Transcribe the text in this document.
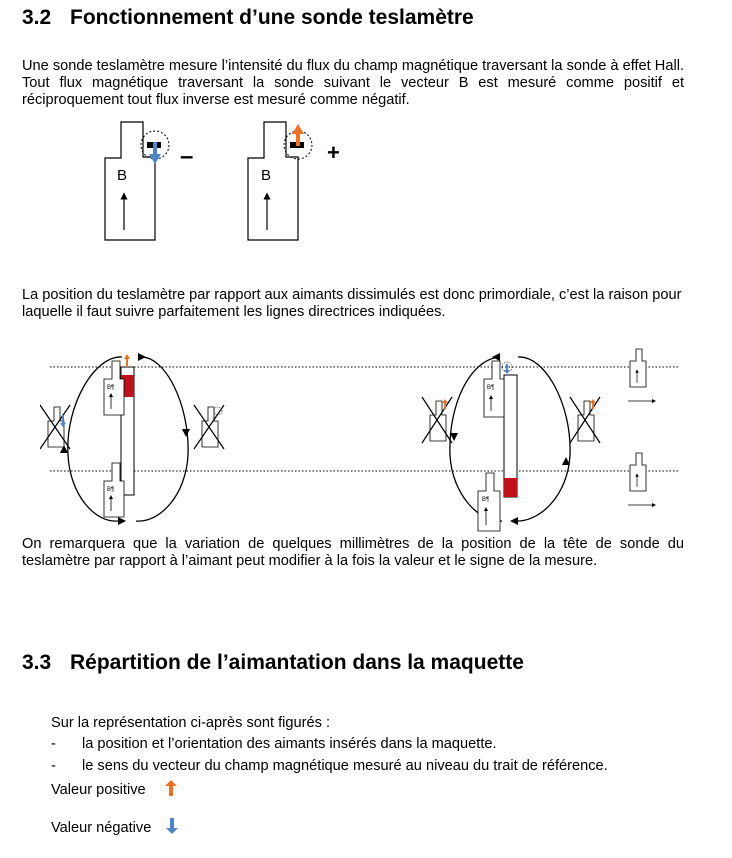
3.2 Fonctionnement d’une sonde teslamètre
Une sonde teslamètre mesure l’intensité du flux du champ magnétique traversant la sonde à effet Hall. Tout flux magnétique traversant la sonde suivant le vecteur B est mesuré comme positif et réciproquement tout flux inverse est mesuré comme négatif.
B
–
B
+
La position du teslamètre par rapport aux aimants dissimulés est donc primordiale, c’est la raison pour laquelle il faut suivre parfaitement les lignes directrices indiquées.
B¶
B¶
B¶
B¶
On remarquera que la variation de quelques millimètres de la position de la tête de sonde du teslamètre par rapport à l’aimant peut modifier à la fois la valeur et le signe de la mesure.
3.3 Répartition de l’aimantation dans la maquette
Sur la représentation ci-après sont figurés :
- la position et l’orientation des aimants insérés dans la maquette.
- le sens du vecteur du champ magnétique mesuré au niveau du trait de référence.
Valeur positive
Valeur négative
